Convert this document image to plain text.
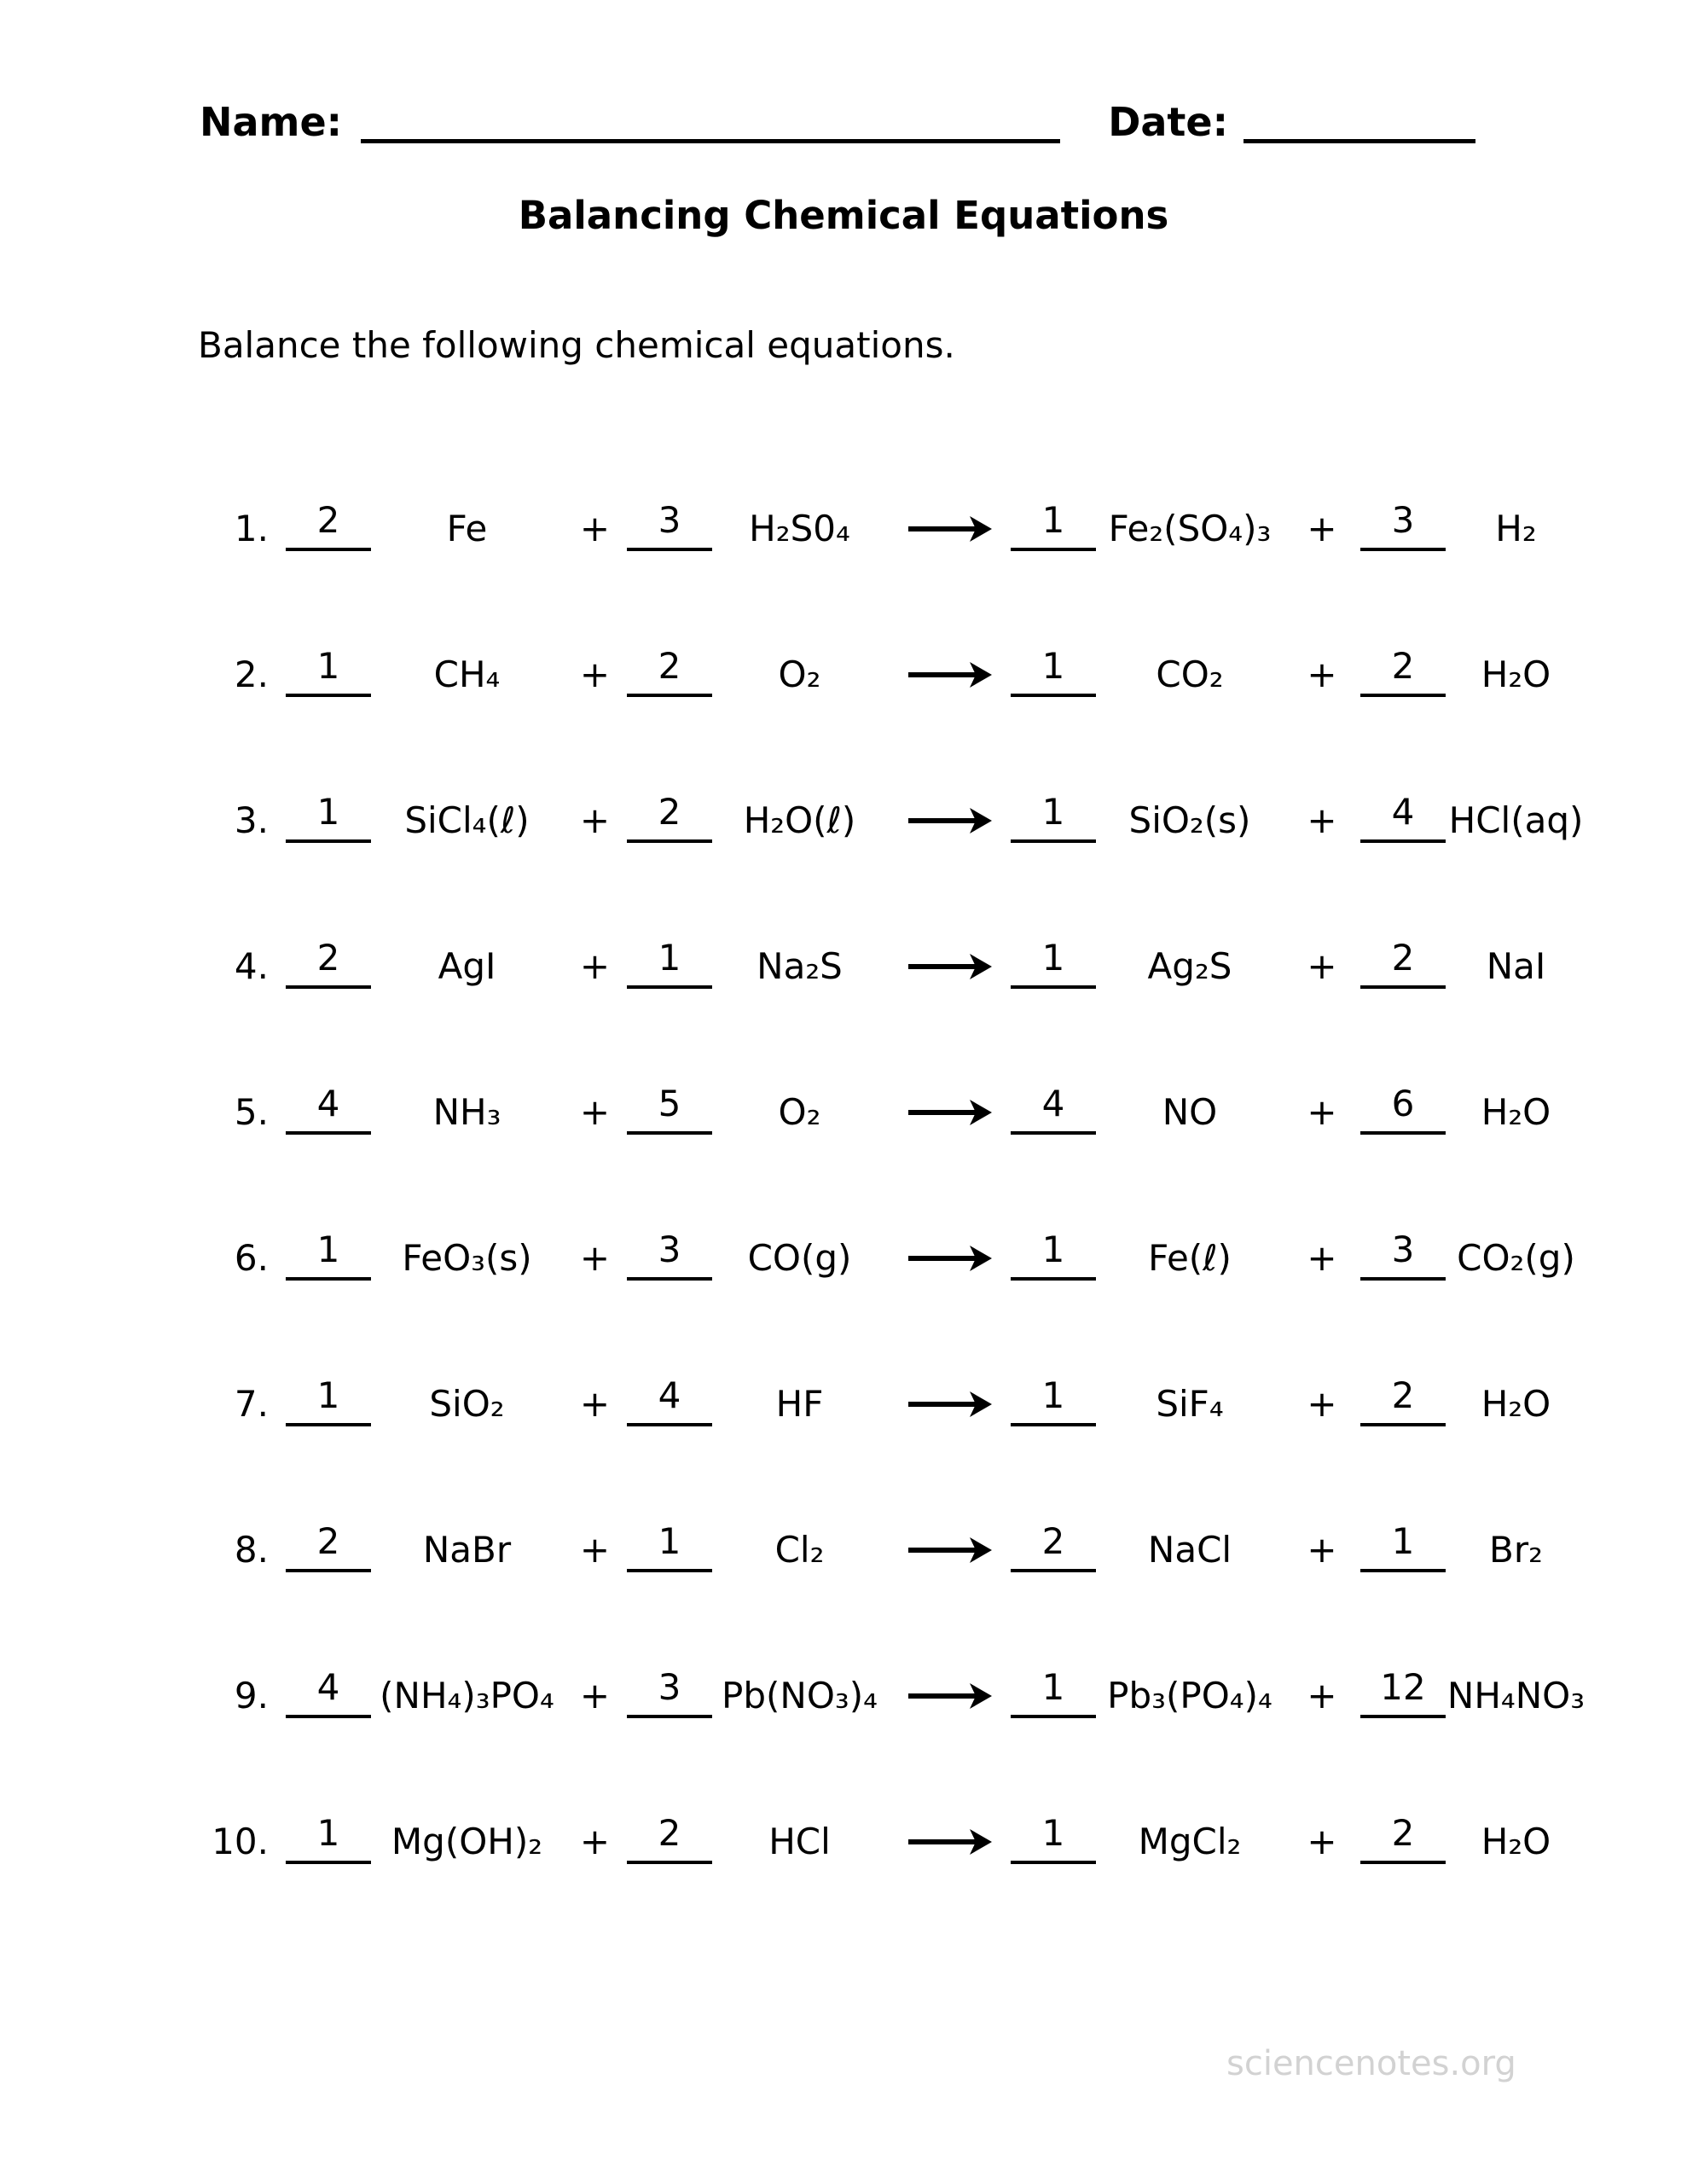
Name:	Date:
Balancing Chemical Equations
Balance the following chemical equations.
1.	2	Fe	+	3	H₂S0₄	→ 1	Fe₂(SO₄)₃	+	3	H₂
2.	1	CH₄	+	2	O₂	→ 1	CO₂	+	2	H₂O
3.	1	SiCl₄(ℓ)	+	2	H₂O(ℓ) → 1	SiO₂(s)	+	4 HCl(aq)
4.	2	AgI	+	1	Na₂S	→ 1	Ag₂S	+	2	NaI
5.	4	NH₃	+	5	O₂	→ 4	NO	+	6	H₂O
6.	1	FeO₃(s)	+	3	CO(g) → 1	Fe(ℓ)	+	3	CO₂(g)
7.	1	SiO₂	+	4	HF	→ 1	SiF₄	+	2	H₂O
8.	2	NaBr	+	1	Cl₂	→ 2	NaCl	+	1	Br₂
9.	4	(NH₄)₃PO₄ +	3	Pb(NO₃)₄ → 1	Pb₃(PO₄)₄ +	12 NH₄NO₃
10.	1	Mg(OH)₂	+	2	HCl	→ 1	MgCl₂	+	2	H₂O
sciencenotes.org
